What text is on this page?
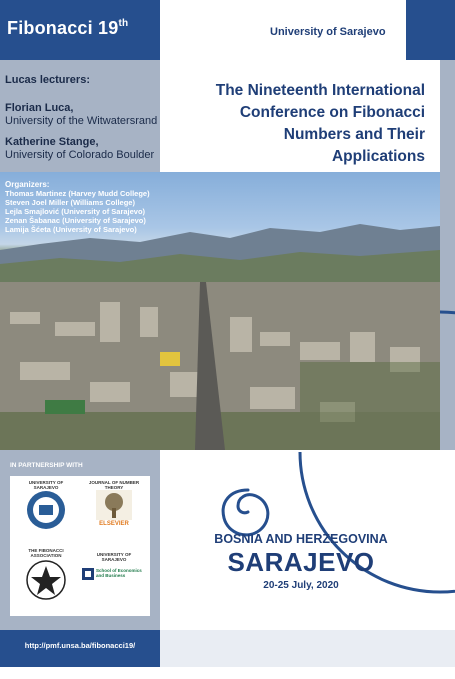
Fibonacci 19th
University of Sarajevo
Lucas lecturers:
Florian Luca,
University of the Witwatersrand
Katherine Stange,
University of Colorado Boulder
The Nineteenth International
Conference on Fibonacci
Numbers and Their
Applications
Organizers:
Thomas Martinez (Harvey Mudd College)
Steven Joel Miller (Williams College)
Lejla Smajlović (University of Sarajevo)
Zenan Šabanac (University of Sarajevo)
Lamija Šćeta (University of Sarajevo)
IN PARTNERSHIP WITH
UNIVERSITY OF SARAJEVO
JOURNAL OF NUMBER THEORY
ELSEVIER
THE FIBONACCI ASSOCIATION	UNIVERSITY OF SARAJEVO
School of Economics and Business
BOSNIA AND HERZEGOVINA
SARAJEVO
20-25 July, 2020
http://pmf.unsa.ba/fibonacci19/
